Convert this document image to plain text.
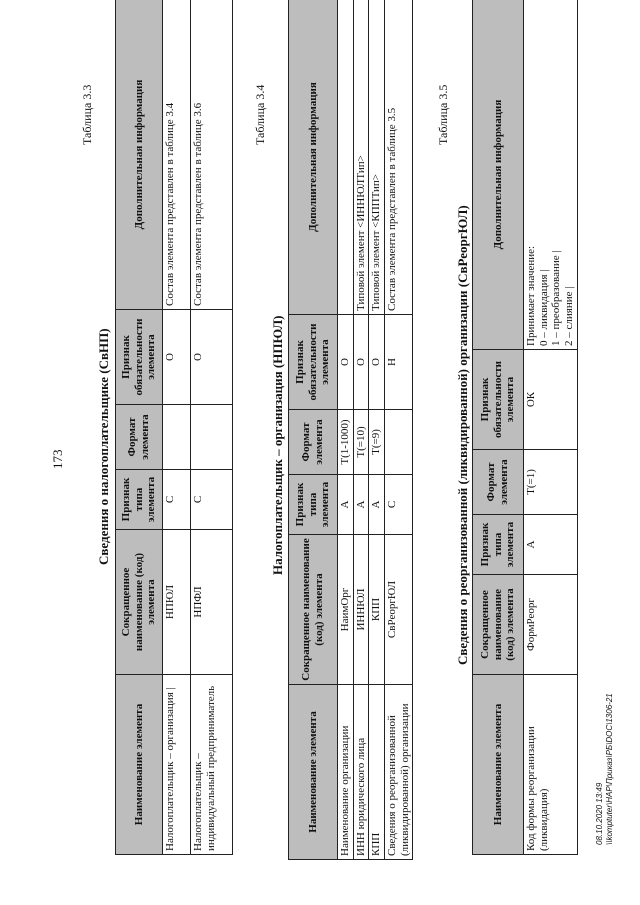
173
Таблица 3.3
Сведения о налогоплательщике (СвНП)
Наименование элемента	Сокращенное наименование (код) элемента	Признак типа элемента	Формат элемента	Признак обязательности элемента	Дополнительная информация
Налогоплательщик – организация |	НПЮЛ	С		О	Состав элемента представлен в таблице 3.4
Налогоплательщик – индивидуальный предприниматель	НПФЛ	С		О	Состав элемента представлен в таблице 3.6	Таблица 3.4
Налогоплательщик – организация (НПЮЛ)
Наименование элемента	Сокращенное наименование (код) элемента	Признак типа элемента	Формат элемента	Признак обязательности элемента	Дополнительная информация
Наименование организации	НаимОрг	А	T(1-1000)	О	
ИНН юридического лица	ИННЮЛ	А	T(=10)	О	Типовой элемент <ИННЮЛТип>
КПП	КПП	А	T(=9)	О	Типовой элемент <КППТип>
Сведения о реорганизованной (ликвидированной) организации	СвРеоргЮЛ	С		Н	Состав элемента представлен в таблице 3.5	Таблица 3.5
Сведения о реорганизованной (ликвидированной) организации (СвРеоргЮЛ)
Наименование элемента	Сокращенное наименование (код) элемента	Признак типа элемента	Формат элемента	Признак обязательности элемента	Дополнительная информация
Код формы реорганизации (ликвидация)	ФормРеорг	А	T(=1)	ОК	Принимает значение:
0 – ликвидация |
1 – преобразование |
2 – слияние |
08.10.2020 13:49 \\komptuter\НАР\Приказ\РБ\DOC\1306-21
